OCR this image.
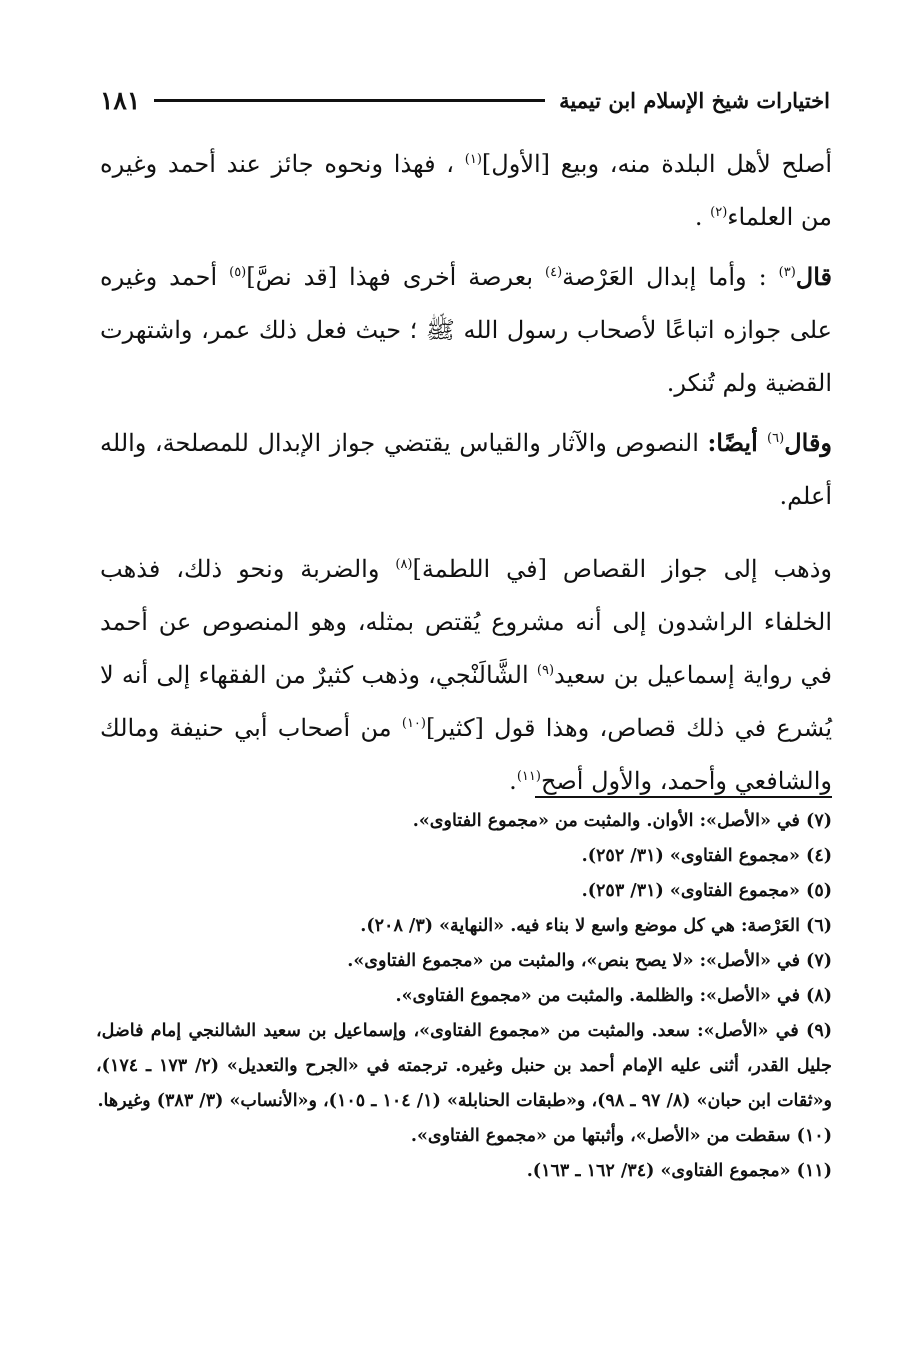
اختيارات شيخ الإسلام ابن تيمية
١٨١

أصلح لأهل البلدة منه، وبيع [الأول]$^{(١)}$ ، فهذا ونحوه جائز عند أحمد وغيره من العلماء$^{(٢)}$ .

قال$^{(٣)}$ : وأما إبدال العَرْصة$^{(٤)}$ بعرصة أخرى فهذا [قد نصَّ]$^{(٥)}$ أحمد وغيره على جوازه اتباعًا لأصحاب رسول الله ﷺ ؛ حيث فعل ذلك عمر، واشتهرت القضية ولم تُنكر.

وقال$^{(٦)}$ أيضًا: النصوص والآثار والقياس يقتضي جواز الإبدال للمصلحة، والله أعلم.

وذهب إلى جواز القصاص [في اللطمة]$^{(٨)}$ والضربة ونحو ذلك، فذهب الخلفاء الراشدون إلى أنه مشروع يُقتص بمثله، وهو المنصوص عن أحمد في رواية إسماعيل بن سعيد$^{(٩)}$ الشَّالَنْجي، وذهب كثيرٌ من الفقهاء إلى أنه لا يُشرع في ذلك قصاص، وهذا قول [كثير]$^{(١٠)}$ من أصحاب أبي حنيفة ومالك والشافعي وأحمد، والأول أصح$^{(١١)}$.

(٧) في «الأصل»: الأوان. والمثبت من «مجموع الفتاوى».

(٤) «مجموع الفتاوى» (٣١/ ٢٥٢).

(٥) «مجموع الفتاوى» (٣١/ ٢٥٣).

(٦) العَرْصة: هي كل موضع واسع لا بناء فيه. «النهاية» (٣/ ٢٠٨).

(٧) في «الأصل»: «لا يصح بنص»، والمثبت من «مجموع الفتاوى».

(٨) في «الأصل»: والظلمة. والمثبت من «مجموع الفتاوى».

(٩) في «الأصل»: سعد. والمثبت من «مجموع الفتاوى»، وإسماعيل بن سعيد الشالنجي إمام فاضل، جليل القدر، أثنى عليه الإمام أحمد بن حنبل وغيره. ترجمته في «الجرح والتعديل» (٢/ ١٧٣ ـ ١٧٤)، و«ثقات ابن حبان» (٨/ ٩٧ ـ ٩٨)، و«طبقات الحنابلة» (١/ ١٠٤ ـ ١٠٥)، و«الأنساب» (٣/ ٣٨٣) وغيرها.

(١٠) سقطت من «الأصل»، وأثبتها من «مجموع الفتاوى».

(١١) «مجموع الفتاوى» (٣٤/ ١٦٢ ـ ١٦٣).
